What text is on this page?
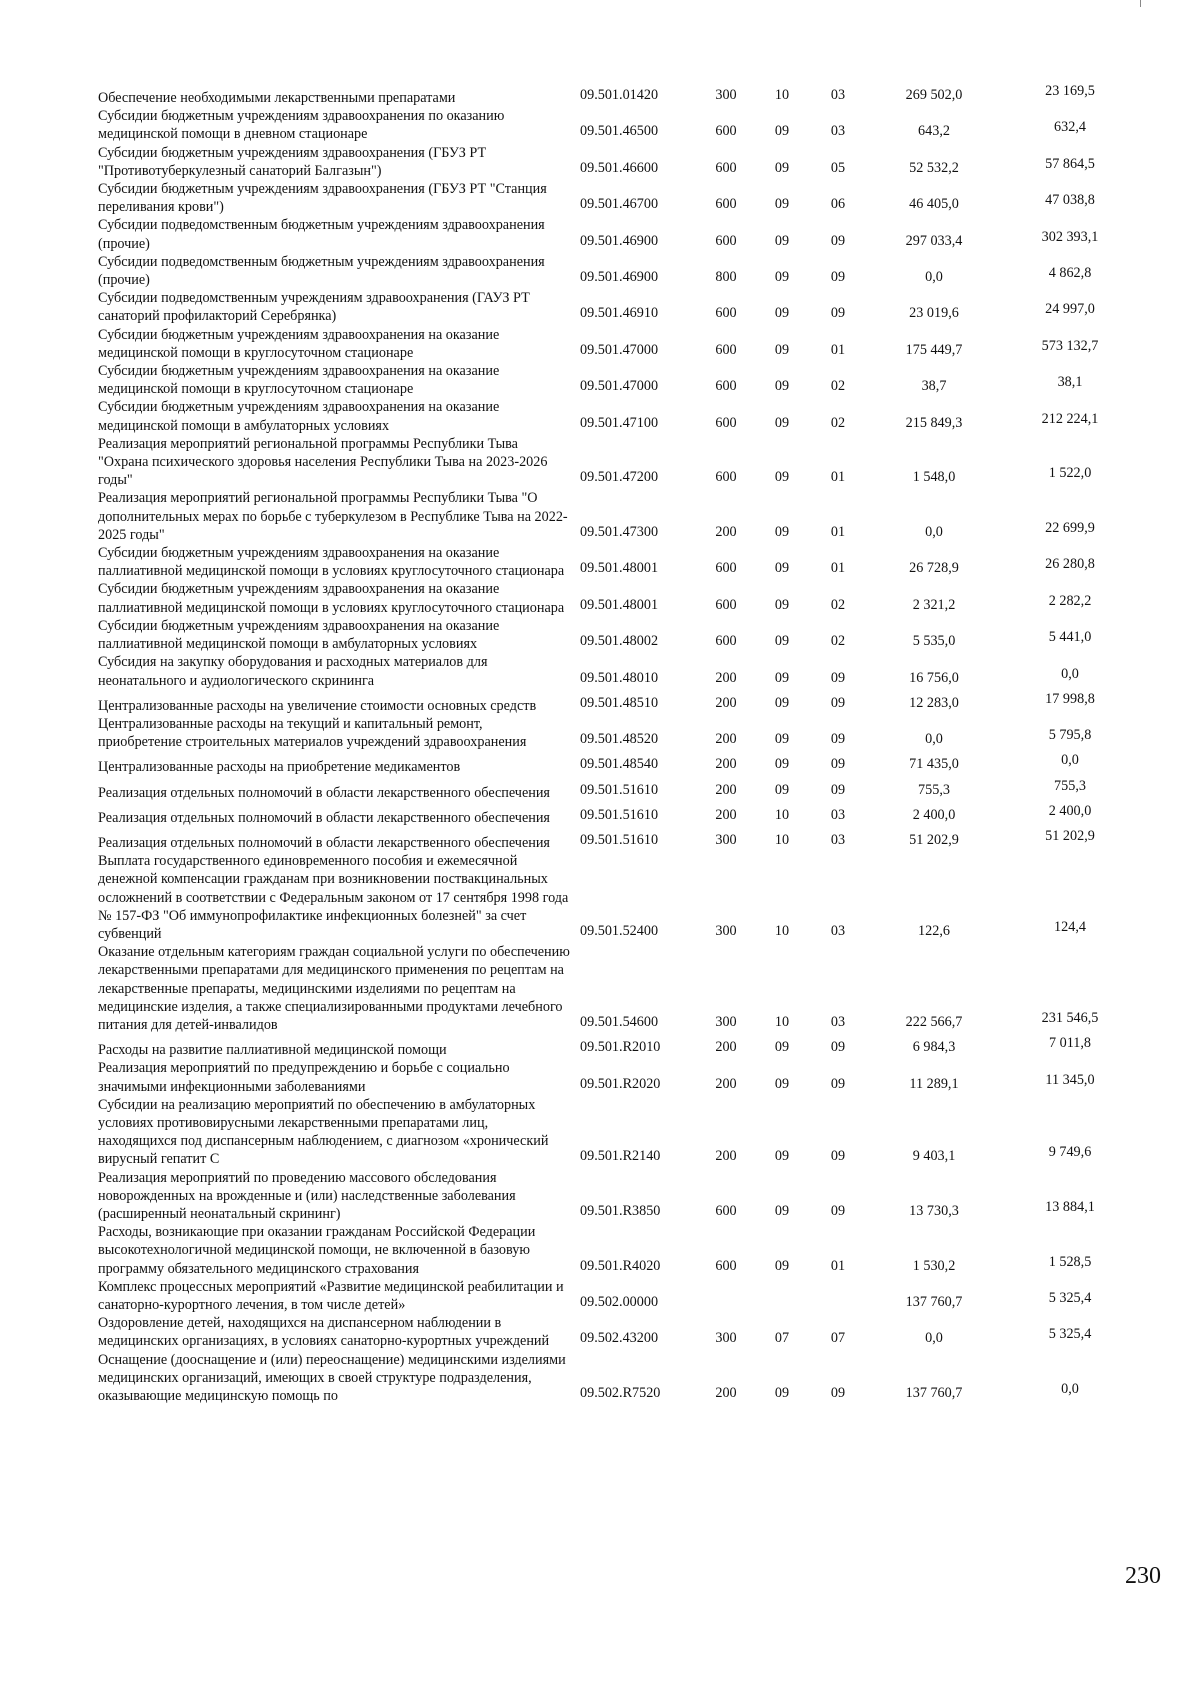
Обеспечение необходимыми лекарственными препаратами	09.501.01420	300	10	03	269 502,0	23 169,5
Субсидии бюджетным учреждениям здравоохранения по оказанию медицинской помощи в дневном стационаре	09.501.46500	600	09	03	643,2	632,4
Субсидии бюджетным учреждениям здравоохранения (ГБУЗ РТ "Противотуберкулезный санаторий Балгазын")	09.501.46600	600	09	05	52 532,2	57 864,5
Субсидии бюджетным учреждениям здравоохранения (ГБУЗ РТ "Станция переливания крови")	09.501.46700	600	09	06	46 405,0	47 038,8
Субсидии подведомственным бюджетным учреждениям здравоохранения (прочие)	09.501.46900	600	09	09	297 033,4	302 393,1
Субсидии подведомственным бюджетным учреждениям здравоохранения (прочие)	09.501.46900	800	09	09	0,0	4 862,8
Субсидии подведомственным учреждениям здравоохранения (ГАУЗ РТ санаторий профилакторий Серебрянка)	09.501.46910	600	09	09	23 019,6	24 997,0
Субсидии бюджетным учреждениям здравоохранения на оказание медицинской помощи в круглосуточном стационаре	09.501.47000	600	09	01	175 449,7	573 132,7
Субсидии бюджетным учреждениям здравоохранения на оказание медицинской помощи в круглосуточном стационаре	09.501.47000	600	09	02	38,7	38,1
Субсидии бюджетным учреждениям здравоохранения на оказание медицинской помощи в амбулаторных условиях	09.501.47100	600	09	02	215 849,3	212 224,1
Реализация мероприятий региональной программы Республики Тыва "Охрана психического здоровья населения Республики Тыва на 2023-2026 годы"	09.501.47200	600	09	01	1 548,0	1 522,0
Реализация мероприятий региональной программы Республики Тыва "О дополнительных мерах по борьбе с туберкулезом в Республике Тыва на 2022-2025 годы"	09.501.47300	200	09	01	0,0	22 699,9
Субсидии бюджетным учреждениям здравоохранения на оказание паллиативной медицинской помощи в условиях круглосуточного стационара	09.501.48001	600	09	01	26 728,9	26 280,8
Субсидии бюджетным учреждениям здравоохранения на оказание паллиативной медицинской помощи в условиях круглосуточного стационара	09.501.48001	600	09	02	2 321,2	2 282,2
Субсидии бюджетным учреждениям здравоохранения на оказание паллиативной медицинской помощи в амбулаторных условиях	09.501.48002	600	09	02	5 535,0	5 441,0
Субсидия на закупку оборудования и расходных материалов для неонатального и аудиологического скрининга	09.501.48010	200	09	09	16 756,0	0,0
Централизованные расходы на увеличение стоимости основных средств	09.501.48510	200	09	09	12 283,0	17 998,8
Централизованные расходы на текущий и капитальный ремонт, приобретение строительных материалов учреждений здравоохранения	09.501.48520	200	09	09	0,0	5 795,8
Централизованные расходы на приобретение медикаментов	09.501.48540	200	09	09	71 435,0	0,0
Реализация отдельных полномочий в области лекарственного обеспечения	09.501.51610	200	09	09	755,3	755,3
Реализация отдельных полномочий в области лекарственного обеспечения	09.501.51610	200	10	03	2 400,0	2 400,0
Реализация отдельных полномочий в области лекарственного обеспечения	09.501.51610	300	10	03	51 202,9	51 202,9
Выплата государственного единовременного пособия и ежемесячной денежной компенсации гражданам при возникновении поствакцинальных осложнений в соответствии с Федеральным законом от 17 сентября 1998 года № 157-ФЗ "Об иммунопрофилактике инфекционных болезней" за счет субвенций	09.501.52400	300	10	03	122,6	124,4
Оказание отдельным категориям граждан социальной услуги по обеспечению лекарственными препаратами для медицинского применения по рецептам на лекарственные препараты, медицинскими изделиями по рецептам на медицинские изделия, а также специализированными продуктами лечебного питания для детей-инвалидов	09.501.54600	300	10	03	222 566,7	231 546,5
Расходы на развитие паллиативной медицинской помощи	09.501.R2010	200	09	09	6 984,3	7 011,8
Реализация мероприятий по предупреждению и борьбе с социально значимыми инфекционными заболеваниями	09.501.R2020	200	09	09	11 289,1	11 345,0
Субсидии на реализацию мероприятий по обеспечению в амбулаторных условиях противовирусными лекарственными препаратами лиц, находящихся под диспансерным наблюдением, с диагнозом «хронический вирусный гепатит С	09.501.R2140	200	09	09	9 403,1	9 749,6
Реализация мероприятий по проведению массового обследования новорожденных на врожденные и (или) наследственные заболевания (расширенный неонатальный скрининг)	09.501.R3850	600	09	09	13 730,3	13 884,1
Расходы, возникающие при оказании гражданам Российской Федерации высокотехнологичной медицинской помощи, не включенной в базовую программу обязательного медицинского страхования	09.501.R4020	600	09	01	1 530,2	1 528,5
Комплекс процессных мероприятий «Развитие медицинской реабилитации и санаторно-курортного лечения, в том числе детей»	09.502.00000				137 760,7	5 325,4
Оздоровление детей, находящихся на диспансерном наблюдении в медицинских организациях, в условиях санаторно-курортных учреждений	09.502.43200	300	07	07	0,0	5 325,4
Оснащение (дооснащение и (или) переоснащение) медицинскими изделиями медицинских организаций, имеющих в своей структуре подразделения, оказывающие медицинскую помощь по	09.502.R7520	200	09	09	137 760,7	0,0
230
